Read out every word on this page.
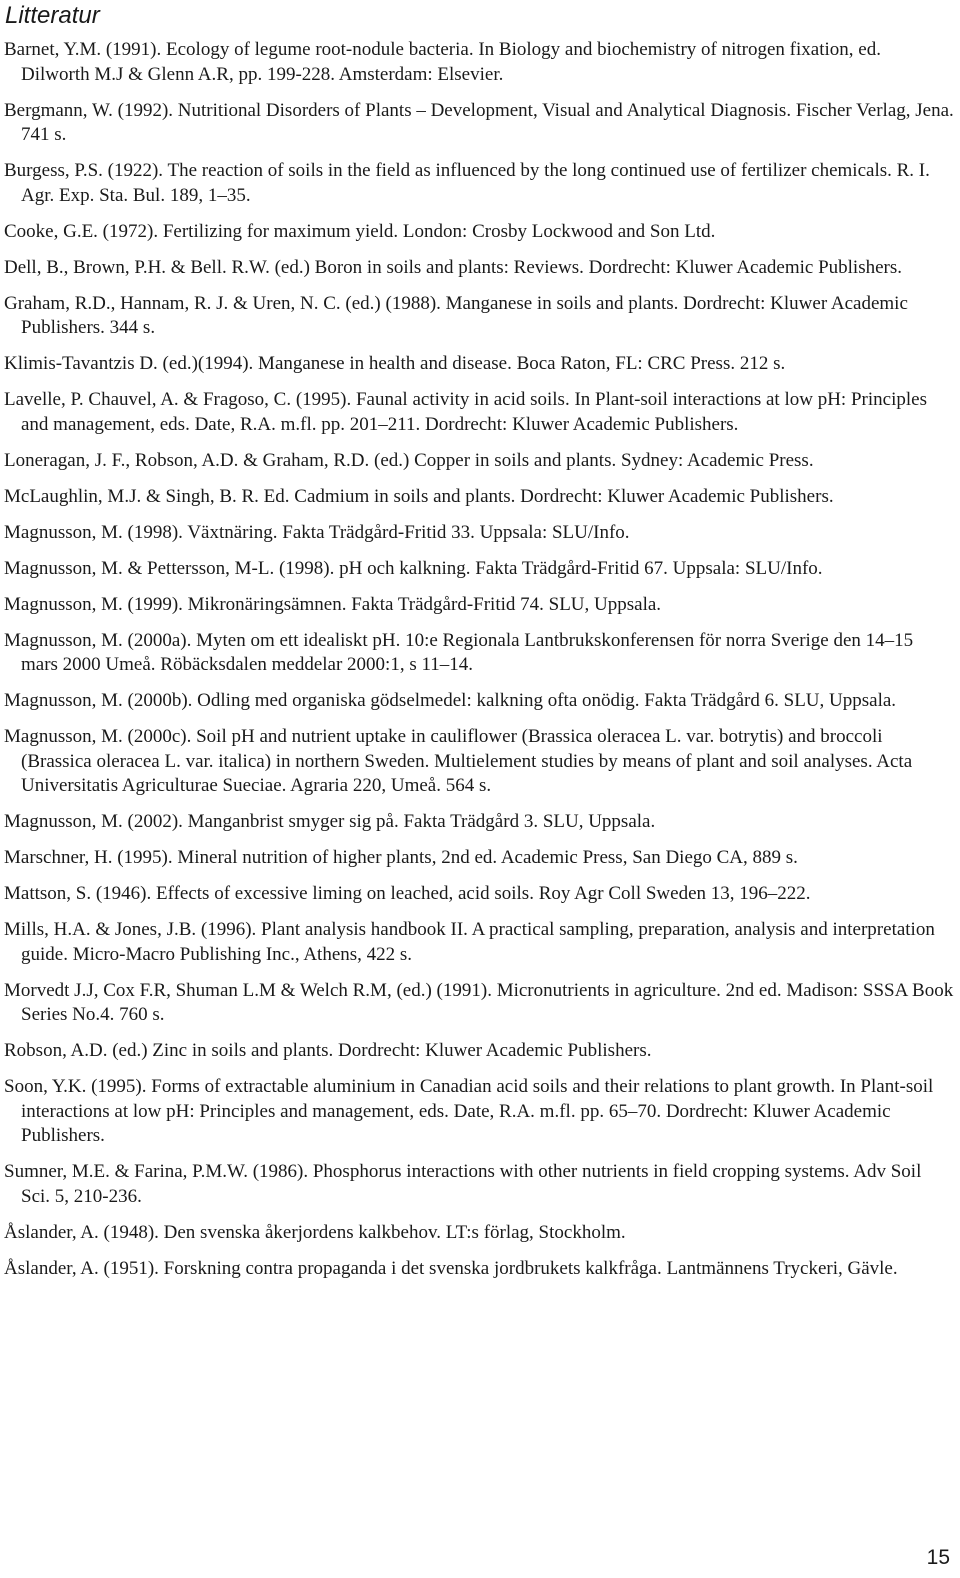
Litteratur
Barnet, Y.M. (1991). Ecology of legume root-nodule bacteria. In Biology and biochemistry of nitrogen fixation, ed. Dilworth M.J & Glenn A.R, pp. 199-228. Amsterdam: Elsevier.
Bergmann, W. (1992). Nutritional Disorders of Plants – Development, Visual and Analytical Diagnosis. Fischer Verlag, Jena. 741 s.
Burgess, P.S. (1922). The reaction of soils in the field as influenced by the long continued use of fertilizer chemicals. R. I. Agr. Exp. Sta. Bul. 189, 1–35.
Cooke, G.E. (1972). Fertilizing for maximum yield. London: Crosby Lockwood and Son Ltd.
Dell, B., Brown, P.H. & Bell. R.W. (ed.) Boron in soils and plants: Reviews. Dordrecht: Kluwer Academic Publishers.
Graham, R.D., Hannam, R. J. & Uren, N. C. (ed.) (1988). Manganese in soils and plants. Dordrecht: Kluwer Academic Publishers. 344 s.
Klimis-Tavantzis D. (ed.)(1994). Manganese in health and disease. Boca Raton, FL: CRC Press. 212 s.
Lavelle, P. Chauvel, A. & Fragoso, C. (1995). Faunal activity in acid soils. In Plant-soil interactions at low pH: Principles and management, eds. Date, R.A. m.fl. pp. 201–211. Dordrecht: Kluwer Academic Publishers.
Loneragan, J. F., Robson, A.D. & Graham, R.D. (ed.) Copper in soils and plants. Sydney: Academic Press.
McLaughlin, M.J. & Singh, B. R. Ed. Cadmium in soils and plants. Dordrecht: Kluwer Academic Publishers.
Magnusson, M. (1998). Växtnäring. Fakta Trädgård-Fritid 33. Uppsala: SLU/Info.
Magnusson, M. & Pettersson, M-L. (1998). pH och kalkning. Fakta Trädgård-Fritid 67. Uppsala: SLU/Info.
Magnusson, M. (1999). Mikronäringsämnen. Fakta Trädgård-Fritid 74. SLU, Uppsala.
Magnusson, M. (2000a). Myten om ett idealiskt pH. 10:e Regionala Lantbrukskonferensen för norra Sverige den 14–15 mars 2000 Umeå. Röbäcksdalen meddelar 2000:1, s 11–14.
Magnusson, M. (2000b). Odling med organiska gödselmedel: kalkning ofta onödig. Fakta Trädgård 6. SLU, Uppsala.
Magnusson, M. (2000c). Soil pH and nutrient uptake in cauliflower (Brassica oleracea L. var. botrytis) and broccoli (Brassica oleracea L. var. italica) in northern Sweden. Multielement studies by means of plant and soil analyses. Acta Universitatis Agriculturae Sueciae. Agraria 220, Umeå. 564 s.
Magnusson, M. (2002). Manganbrist smyger sig på. Fakta Trädgård 3. SLU, Uppsala.
Marschner, H. (1995). Mineral nutrition of higher plants, 2nd ed. Academic Press, San Diego CA, 889 s.
Mattson, S. (1946). Effects of excessive liming on leached, acid soils. Roy Agr Coll Sweden 13, 196–222.
Mills, H.A. & Jones, J.B. (1996). Plant analysis handbook II. A practical sampling, preparation, analysis and interpretation guide. Micro-Macro Publishing Inc., Athens, 422 s.
Morvedt J.J, Cox F.R, Shuman L.M & Welch R.M, (ed.) (1991). Micronutrients in agriculture. 2nd ed. Madison: SSSA Book Series No.4. 760 s.
Robson, A.D. (ed.) Zinc in soils and plants. Dordrecht: Kluwer Academic Publishers.
Soon, Y.K. (1995). Forms of extractable aluminium in Canadian acid soils and their relations to plant growth. In Plant-soil interactions at low pH: Principles and management, eds. Date, R.A. m.fl. pp. 65–70. Dordrecht: Kluwer Academic Publishers.
Sumner, M.E. & Farina, P.M.W. (1986). Phosphorus interactions with other nutrients in field cropping systems. Adv Soil Sci. 5, 210-236.
Åslander, A. (1948). Den svenska åkerjordens kalkbehov. LT:s förlag, Stockholm.
Åslander, A. (1951). Forskning contra propaganda i det svenska jordbrukets kalkfråga. Lantmännens Tryckeri, Gävle.

15
